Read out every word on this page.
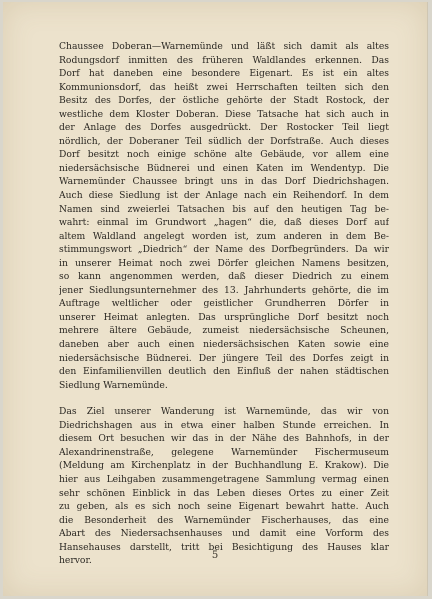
Chaussee Doberan—Warnemünde und läßt sich damit als altes
Rodungsdorf inmitten des früheren Waldlandes erkennen. Das
Dorf hat daneben eine besondere Eigenart. Es ist ein altes
Kommunionsdorf, das heißt zwei Herrschaften teilten sich den
Besitz des Dorfes, der östliche gehörte der Stadt Rostock, der
westliche dem Kloster Doberan. Diese Tatsache hat sich auch in
der Anlage des Dorfes ausgedrückt. Der Rostocker Teil liegt
nördlich, der Doberaner Teil südlich der Dorfstraße. Auch dieses
Dorf besitzt noch einige schöne alte Gebäude, vor allem eine
niedersächsische Büdnerei und einen Katen im Wendentyp. Die
Warnemünder Chaussee bringt uns in das Dorf Diedrichshagen.
Auch diese Siedlung ist der Anlage nach ein Reihendorf. In dem
Namen sind zweierlei Tatsachen bis auf den heutigen Tag be-
wahrt: einmal im Grundwort „hagen“ die, daß dieses Dorf auf
altem Waldland angelegt worden ist, zum anderen in dem Be-
stimmungswort „Diedrich“ der Name des Dorfbegründers. Da wir
in unserer Heimat noch zwei Dörfer gleichen Namens besitzen,
so kann angenommen werden, daß dieser Diedrich zu einem
jener Siedlungsunternehmer des 13. Jahrhunderts gehörte, die im
Auftrage weltlicher oder geistlicher Grundherren Dörfer in
unserer Heimat anlegten. Das ursprüngliche Dorf besitzt noch
mehrere ältere Gebäude, zumeist niedersächsische Scheunen,
daneben aber auch einen niedersächsischen Katen sowie eine
niedersächsische Büdnerei. Der jüngere Teil des Dorfes zeigt in
den Einfamilienvillen deutlich den Einfluß der nahen städtischen
Siedlung Warnemünde.
Das Ziel unserer Wanderung ist Warnemünde, das wir von
Diedrichshagen aus in etwa einer halben Stunde erreichen. In
diesem Ort besuchen wir das in der Nähe des Bahnhofs, in der
Alexandrinenstraße, gelegene Warnemünder Fischermuseum
(Meldung am Kirchenplatz in der Buchhandlung E. Krakow). Die
hier aus Leihgaben zusammengetragene Sammlung vermag einen
sehr schönen Einblick in das Leben dieses Ortes zu einer Zeit
zu geben, als es sich noch seine Eigenart bewahrt hatte. Auch
die Besonderheit des Warnemünder Fischerhauses, das eine
Abart des Niedersachsenhauses und damit eine Vorform des
Hansehauses darstellt, tritt bei Besichtigung des Hauses klar
hervor.	5
